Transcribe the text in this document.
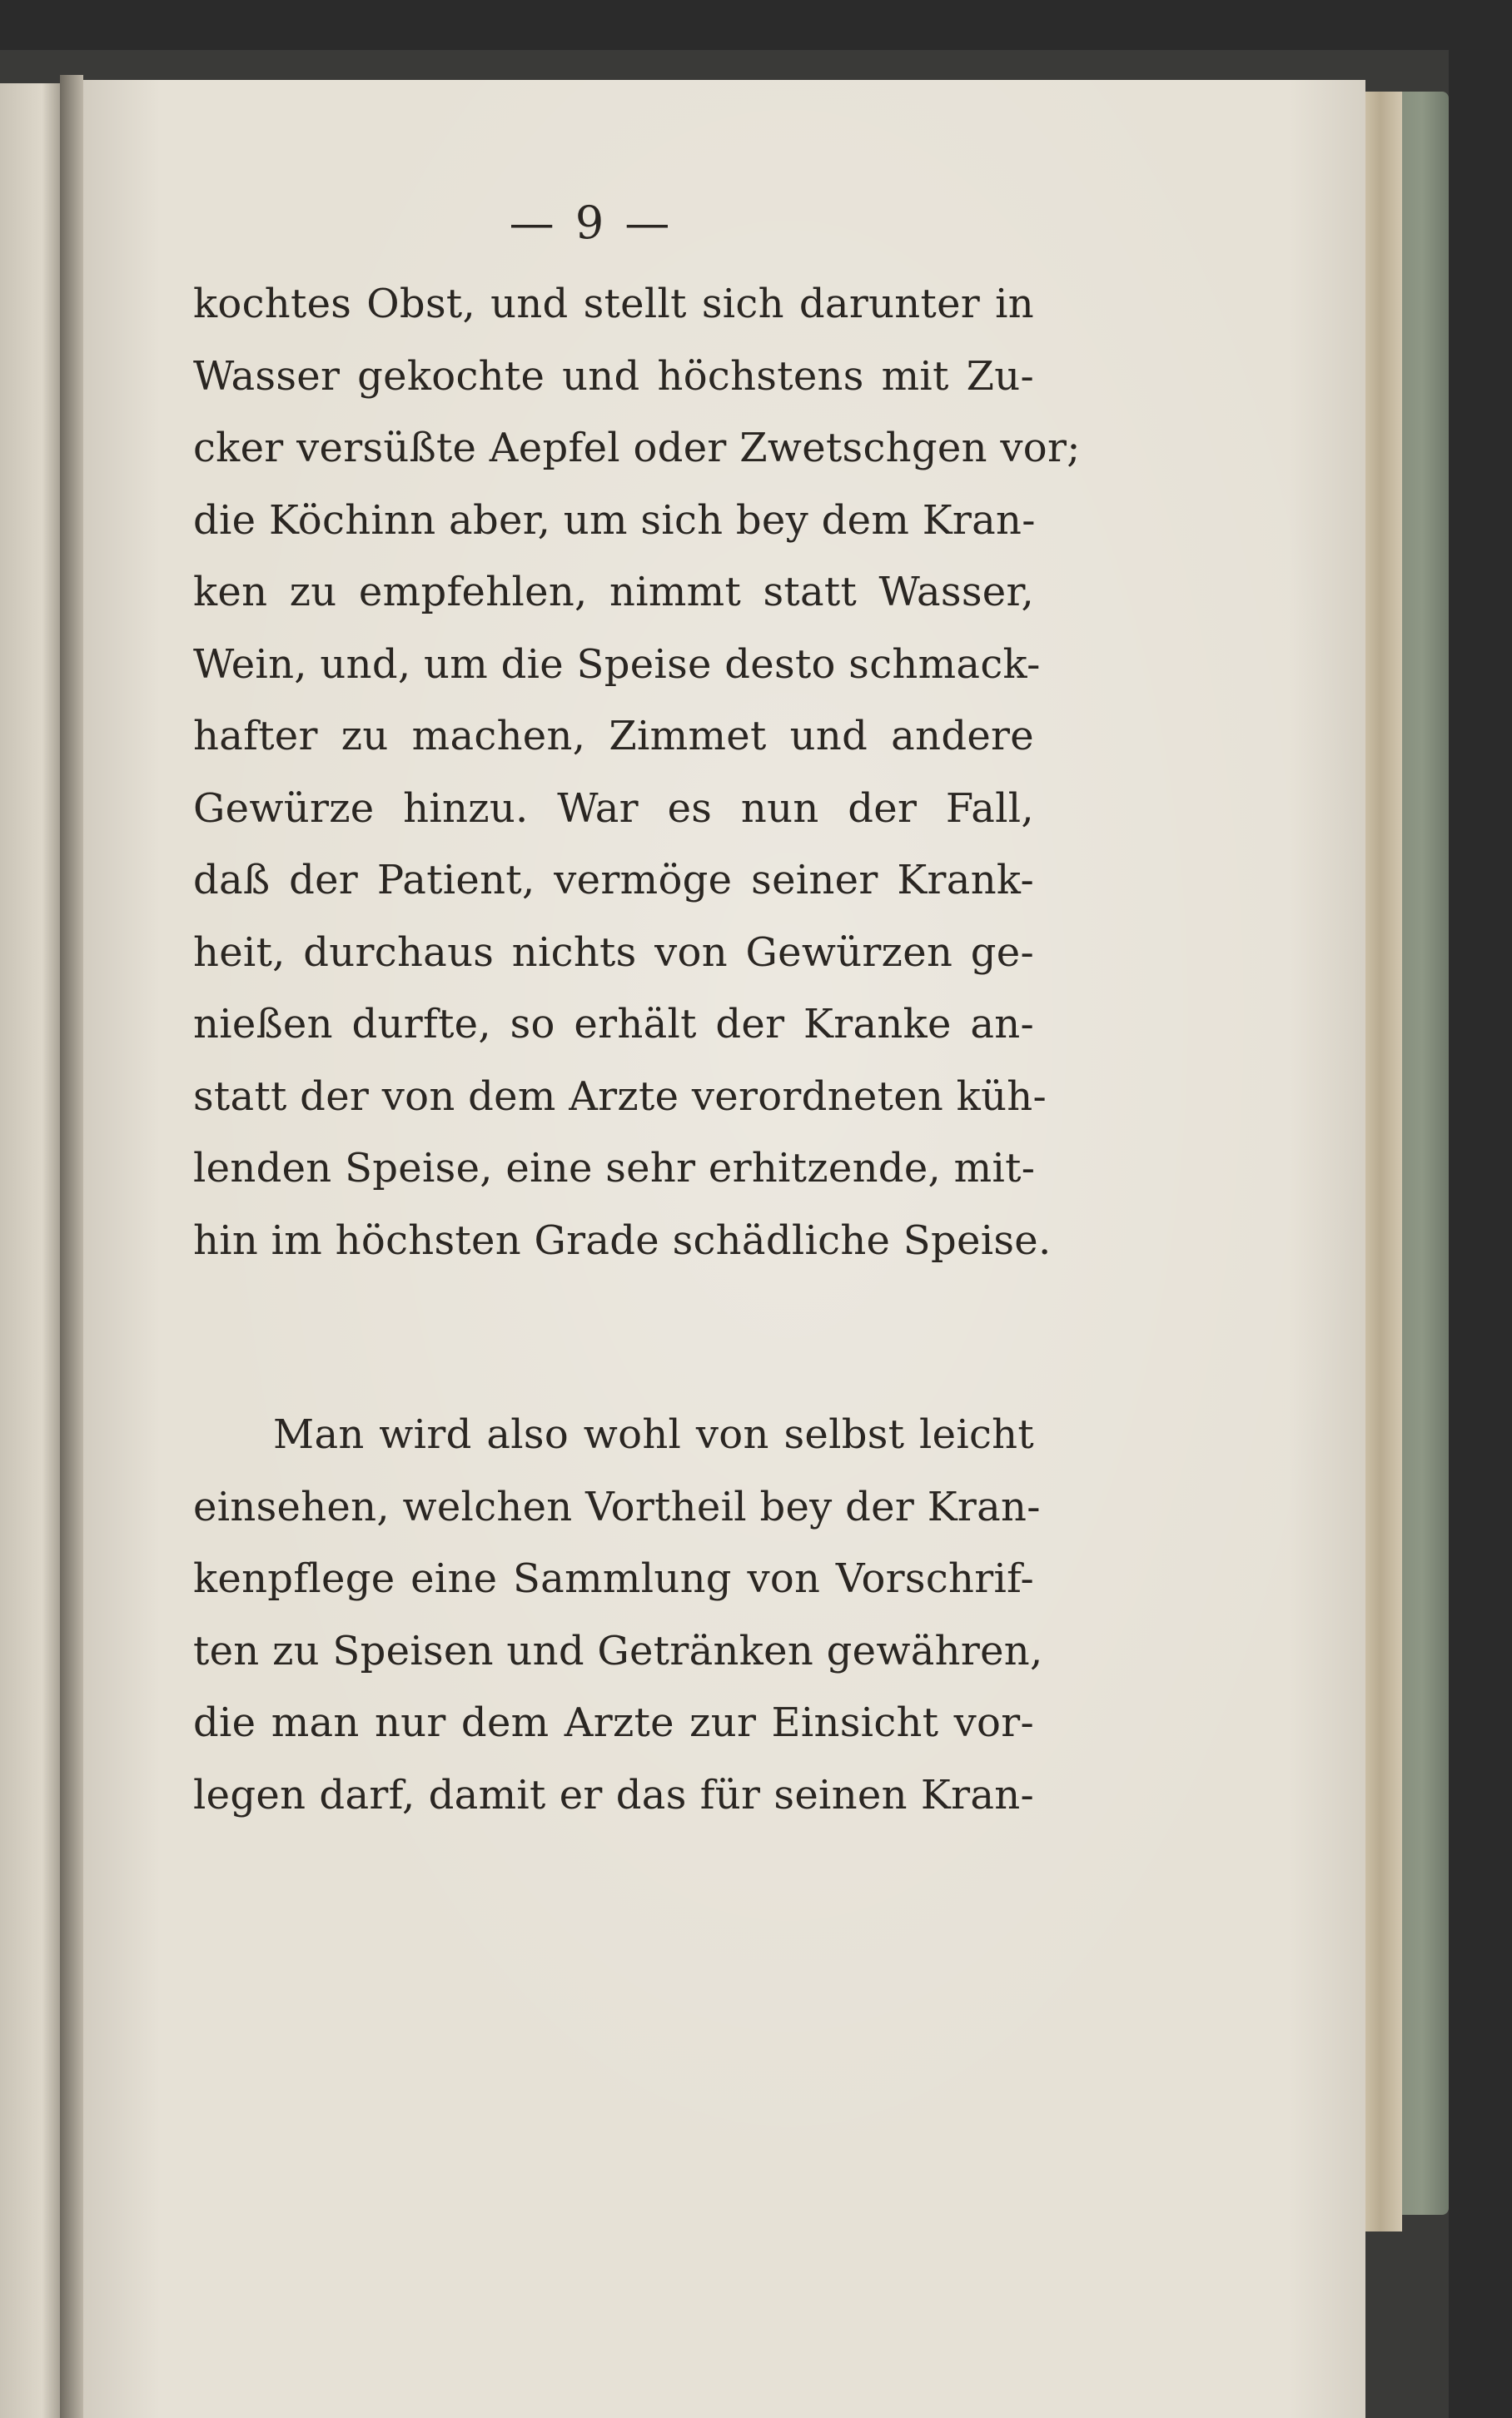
— 9 —
kochtes Obst, und stellt sich darunter in
Wasser gekochte und höchstens mit Zu-
cker versüßte Aepfel oder Zwetschgen vor;
die Köchinn aber, um sich bey dem Kran-
ken zu empfehlen, nimmt statt Wasser,
Wein, und, um die Speise desto schmack-
hafter zu machen, Zimmet und andere
Gewürze hinzu. War es nun der Fall,
daß der Patient, vermöge seiner Krank-
heit, durchaus nichts von Gewürzen ge-
nießen durfte, so erhält der Kranke an-
statt der von dem Arzte verordneten küh-
lenden Speise, eine sehr erhitzende, mit-
hin im höchsten Grade schädliche Speise.
Man wird also wohl von selbst leicht
einsehen, welchen Vortheil bey der Kran-
kenpflege eine Sammlung von Vorschrif-
ten zu Speisen und Getränken gewähren,
die man nur dem Arzte zur Einsicht vor-
legen darf, damit er das für seinen Kran-
